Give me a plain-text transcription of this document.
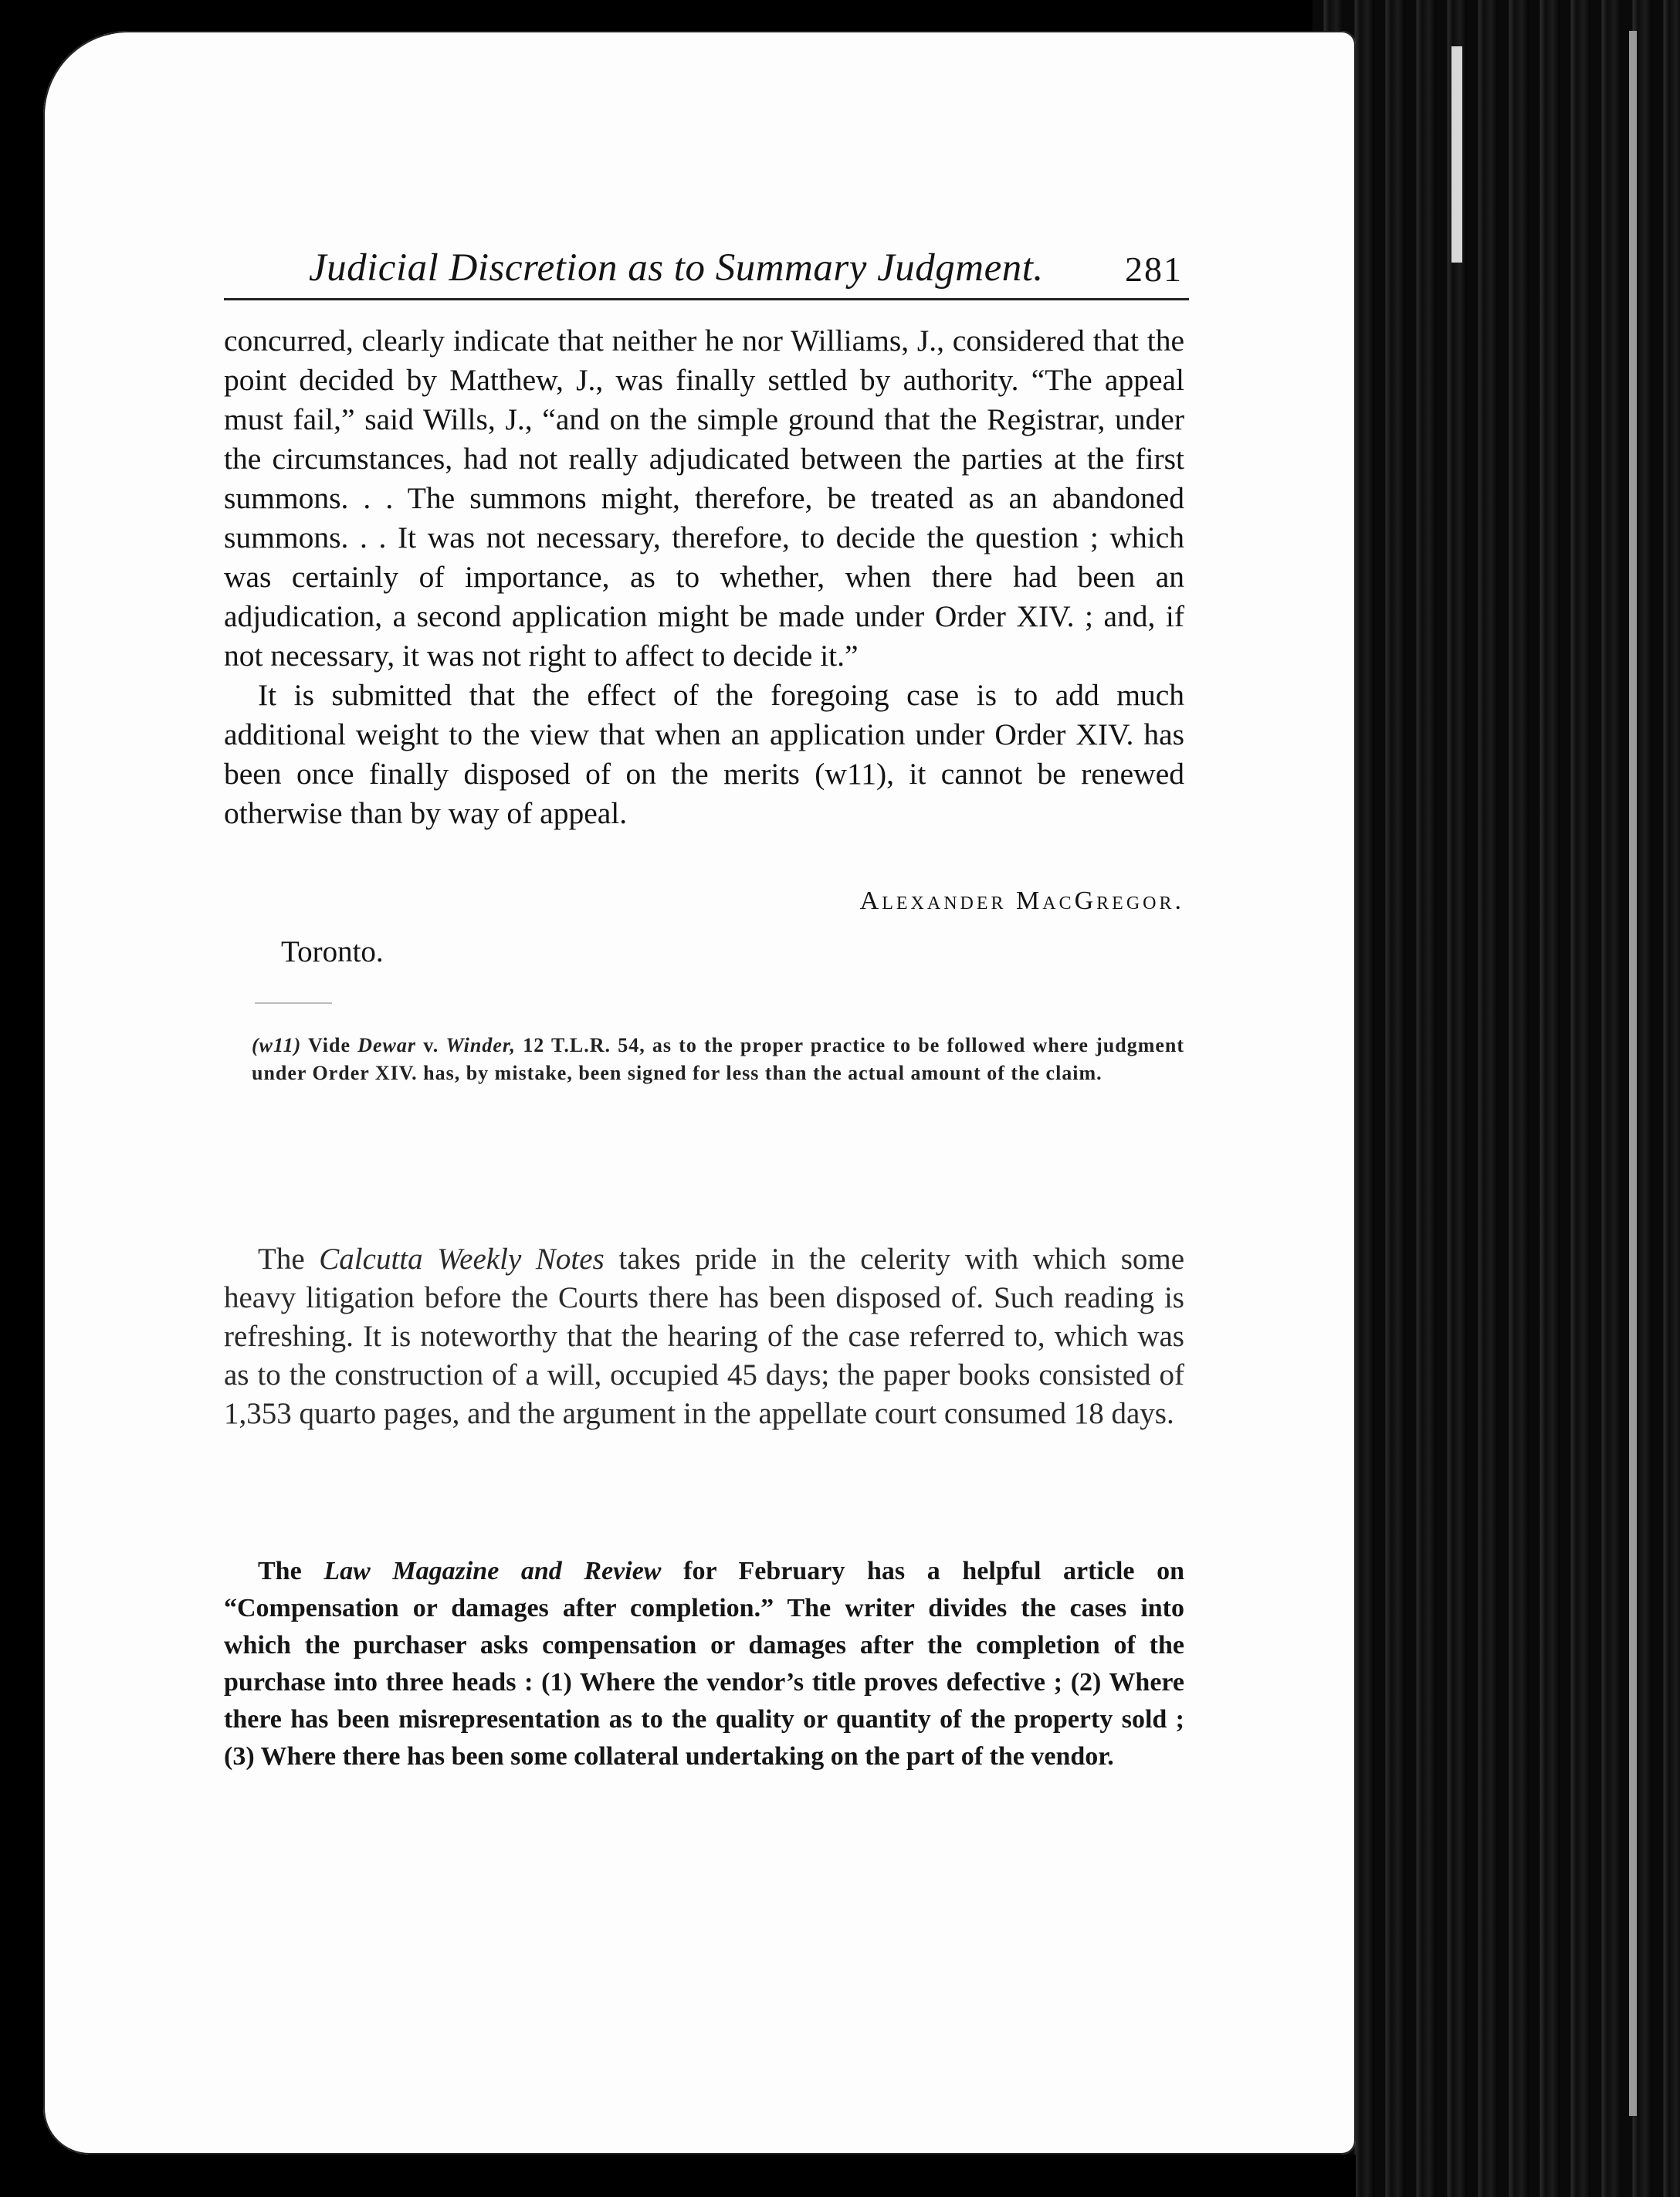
Judicial Discretion as to Summary Judgment. 281

concurred, clearly indicate that neither he nor Williams, J., considered that the point decided by Matthew, J., was finally settled by authority. “The appeal must fail,” said Wills, J., “and on the simple ground that the Registrar, under the circumstances, had not really adjudicated between the parties at the first summons. . . The summons might, therefore, be treated as an abandoned summons. . . It was not necessary, therefore, to decide the question ; which was certainly of importance, as to whether, when there had been an adjudication, a second application might be made under Order XIV. ; and, if not necessary, it was not right to affect to decide it.”

It is submitted that the effect of the foregoing case is to add much additional weight to the view that when an application under Order XIV. has been once finally disposed of on the merits (w11), it cannot be renewed otherwise than by way of appeal.

Alexander MacGregor.
Toronto.

(w11) Vide Dewar v. Winder, 12 T.L.R. 54, as to the proper practice to be followed where judgment under Order XIV. has, by mistake, been signed for less than the actual amount of the claim.

The Calcutta Weekly Notes takes pride in the celerity with which some heavy litigation before the Courts there has been disposed of. Such reading is refreshing. It is noteworthy that the hearing of the case referred to, which was as to the construction of a will, occupied 45 days; the paper books consisted of 1,353 quarto pages, and the argument in the appellate court consumed 18 days.

The Law Magazine and Review for February has a helpful article on “Compensation or damages after completion.” The writer divides the cases into which the purchaser asks compensation or damages after the completion of the purchase into three heads : (1) Where the vendor’s title proves defective ; (2) Where there has been misrepresentation as to the quality or quantity of the property sold ; (3) Where there has been some collateral undertaking on the part of the vendor.
